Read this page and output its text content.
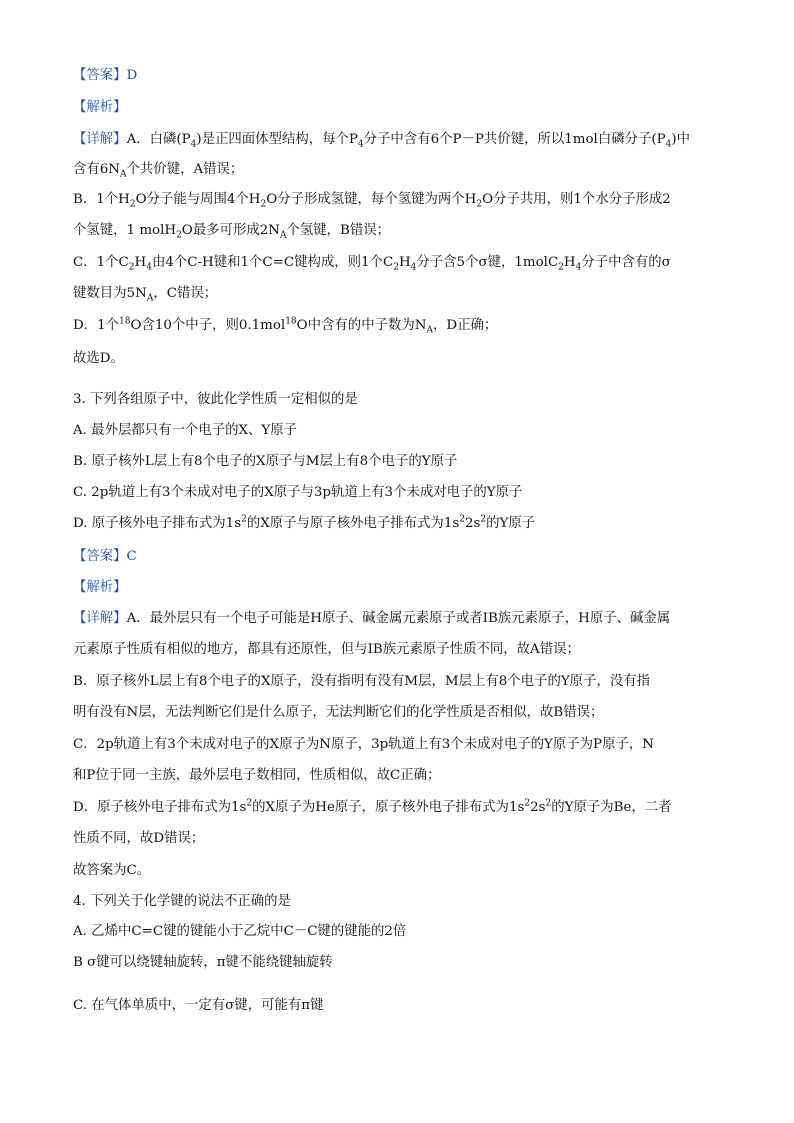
【答案】D
【解析】
【详解】A．白磷$(P_4)$是正四面体型结构，每个$P_4$分子中含有6个P－P共价键，所以1mol白磷分子$(P_4)$中
含有$6N_A$个共价键，A错误；
B．1个$H_2O$分子能与周围4个$H_2O$分子形成氢键，每个氢键为两个$H_2O$分子共用，则1个水分子形成2
个氢键，1 molH$_2$O最多可形成$2N_A$个氢键，B错误；
C．1个$C_2H_4$由4个C-H键和1个C=C键构成，则1个$C_2H_4$分子含5个σ键，$1molC_2H_4$分子中含有的σ
键数目为$5N_A$，C错误；
D．1个$^{18}$O含10个中子，则0.1mol$^{18}$O中含有的中子数为$N_A$，D正确；
故选D。
3. 下列各组原子中，彼此化学性质一定相似的是
A. 最外层都只有一个电子的X、Y原子
B. 原子核外L层上有8个电子的X原子与M层上有8个电子的Y原子
C. 2p轨道上有3个未成对电子的X原子与3p轨道上有3个未成对电子的Y原子
D. 原子核外电子排布式为$1s^2$的X原子与原子核外电子排布式为$1s^22s^2$的Y原子
【答案】C
【解析】
【详解】A．最外层只有一个电子可能是H原子、碱金属元素原子或者ⅠB族元素原子，H原子、碱金属
元素原子性质有相似的地方，都具有还原性，但与ⅠB族元素原子性质不同，故A错误；
B．原子核外L层上有8个电子的X原子，没有指明有没有M层，M层上有8个电子的Y原子，没有指
明有没有N层，无法判断它们是什么原子，无法判断它们的化学性质是否相似，故B错误；
C．2p轨道上有3个未成对电子的X原子为N原子，3p轨道上有3个未成对电子的Y原子为P原子，N
和P位于同一主族，最外层电子数相同，性质相似，故C正确；
D．原子核外电子排布式为$1s^2$的X原子为He原子，原子核外电子排布式为$1s^22s^2$的Y原子为Be，二者
性质不同，故D错误；
故答案为C。
4. 下列关于化学键的说法不正确的是
A. 乙烯中C=C键的键能小于乙烷中C－C键的键能的2倍
B σ键可以绕键轴旋转，π键不能绕键轴旋转
C. 在气体单质中，一定有σ键，可能有π键
